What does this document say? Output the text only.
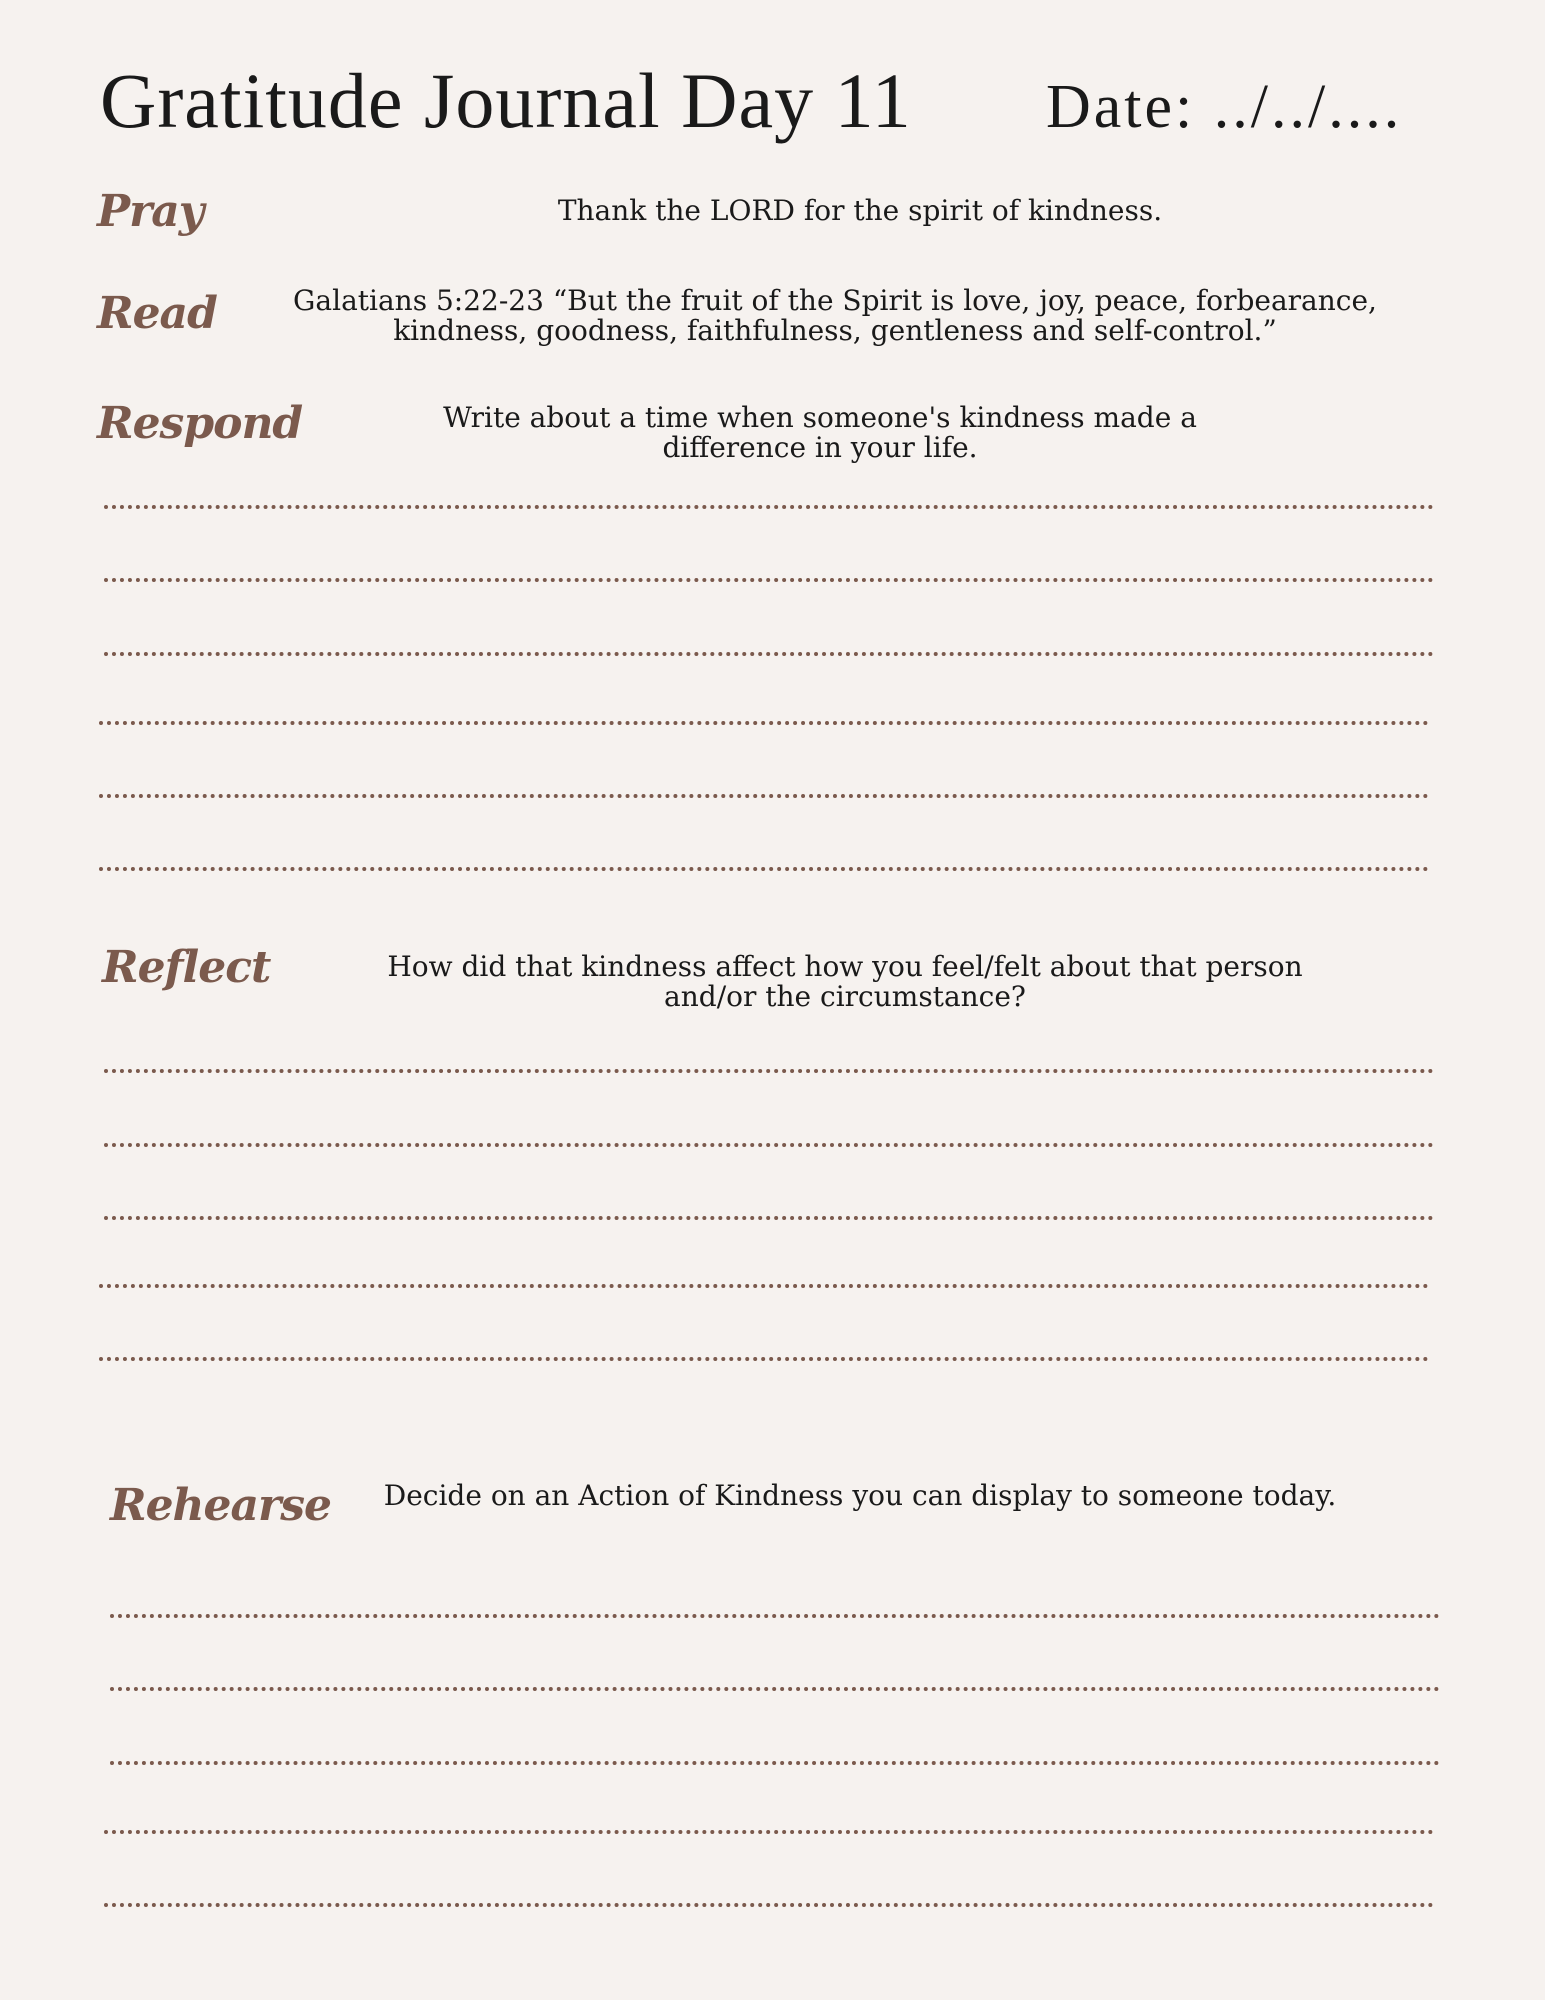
Gratitude Journal Day 11 Date: ../../....
Pray	Thank the LORD for the spirit of kindness.
Read	Galatians 5:22-23 “But the fruit of the Spirit is love, joy, peace, forbearance,
kindness, goodness, faithfulness, gentleness and self-control.”
Respond	Write about a time when someone's kindness made a
difference in your life.
Reflect	How did that kindness affect how you feel/felt about that person
and/or the circumstance?
Rehearse	Decide on an Action of Kindness you can display to someone today.
